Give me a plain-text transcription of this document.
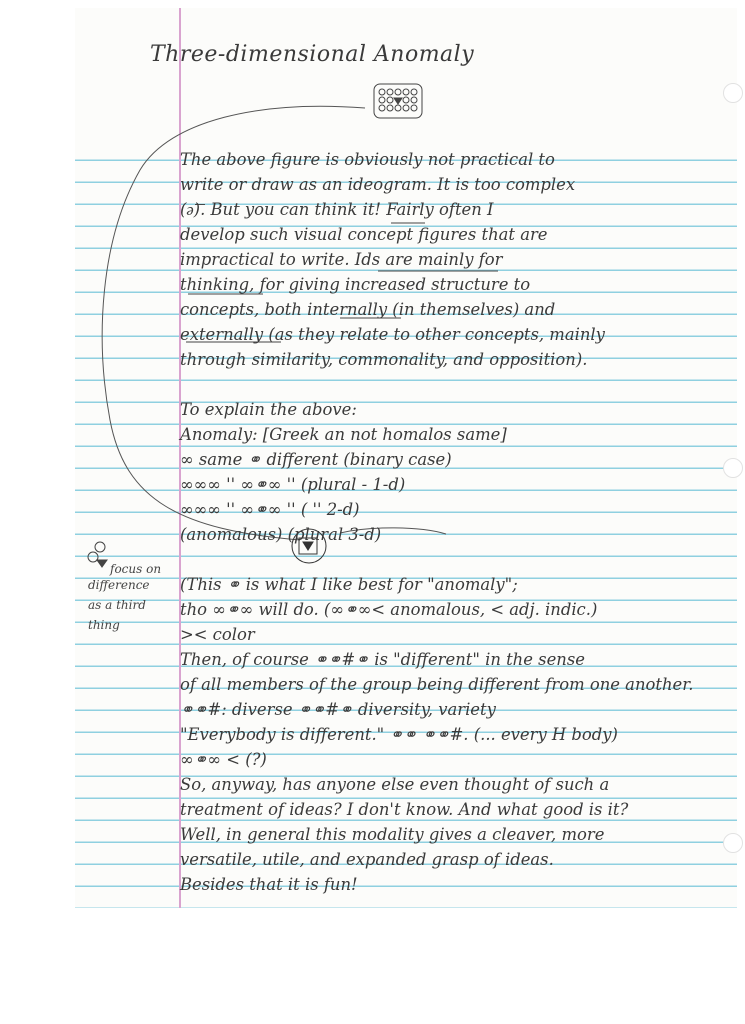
Three-dimensional Anomaly
The above figure is obviously not practical to
write or draw as an ideogram. It is too complex
(ǝ͞). But you can think it! Fairly often I
develop such visual concept figures that are
impractical to write. Ids are mainly for
thinking, for giving increased structure to
concepts, both internally (in themselves) and
externally (as they relate to other concepts, mainly
through similarity, commonality, and opposition).
To explain the above:
Anomaly: [Greek an not homalos same]
∞ same ⚭ different (binary case)
∞∞∞ '' ∞⚭∞ '' (plural - 1-d)
∞∞∞ '' ∞⚭∞ '' ( '' 2-d)
(anomalous) (plural 3-d)
(This ⚭ is what I like best for "anomaly";
tho ∞⚭∞ will do. (∞⚭∞< anomalous, < adj. indic.)
>< color
Then, of course ⚭⚭#⚭ is "different" in the sense
of all members of the group being different from one another.
⚭⚭#: diverse ⚭⚭#⚭ diversity, variety
"Everybody is different." ⚭⚭ ⚭⚭#. (... every H body)
∞⚭∞ < (?)
So, anyway, has anyone else even thought of such a
treatment of ideas? I don't know. And what good is it?
Well, in general this modality gives a cleaver, more
versatile, utile, and expanded grasp of ideas.
Besides that it is fun!
focus on
difference
as a third
thing
